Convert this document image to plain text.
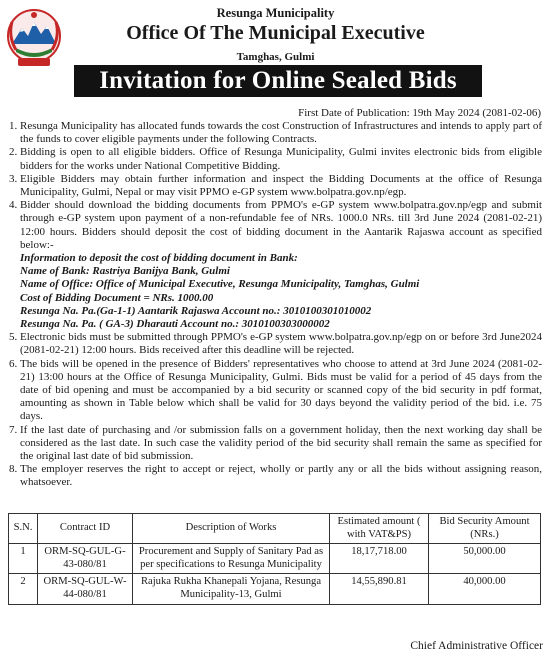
Resunga Municipality
Office Of The Municipal Executive
Tamghas, Gulmi
Invitation for Online Sealed Bids
First Date of Publication: 19th May 2024 (2081-02-06)
1. Resunga Municipality has allocated funds towards the cost Construction of Infrastructures and intends to apply part of the funds to cover eligible payments under the following Contracts.
2. Bidding is open to all eligible bidders. Office of Resunga Municipality, Gulmi invites electronic bids from eligible bidders for the works under National Competitive Bidding.
3. Eligible Bidders may obtain further information and inspect the Bidding Documents at the office of Resunga Municipality, Gulmi, Nepal or may visit PPMO e-GP system www.bolpatra.gov.np/egp.
4. Bidder should download the bidding documents from PPMO's e-GP system www.bolpatra.gov.np/egp and submit through e-GP system upon payment of a non-refundable fee of NRs. 1000.0 NRs. till 3rd June 2024 (2081-02-21) 12:00 hours. Bidders should deposit the cost of bidding document in the Aantarik Rajaswa account as specified below:-
Information to deposit the cost of bidding document in Bank:
Name of Bank: Rastriya Banijya Bank, Gulmi
Name of Office: Office of Municipal Executive, Resunga Municipality, Tamghas, Gulmi
Cost of Bidding Document = NRs. 1000.00
Resunga Na. Pa.(Ga-1-1) Aantarik Rajaswa Account no.: 3010100301010002
Resunga Na. Pa. ( GA-3) Dharauti Account no.: 3010100303000002
5. Electronic bids must be submitted through PPMO's e-GP system www.bolpatra.gov.np/egp on or before 3rd June2024 (2081-02-21) 12:00 hours. Bids received after this deadline will be rejected.
6. The bids will be opened in the presence of Bidders' representatives who choose to attend at 3rd June 2024 (2081-02-21) 13:00 hours at the Office of Resunga Municipality, Gulmi. Bids must be valid for a period of 45 days from the date of bid opening and must be accompanied by a bid security or scanned copy of the bid security in pdf format, amounting as shown in Table below which shall be valid for 30 days beyond the validity period of the bid. i.e. 75 days.
7. If the last date of purchasing and /or submission falls on a government holiday, then the next working day shall be considered as the last date. In such case the validity period of the bid security shall remain the same as specified for the original last date of bid submission.
8. The employer reserves the right to accept or reject, wholly or partly any or all the bids without assigning reason, whatsoever.
S.N.	Contract ID	Description of Works	Estimated amount ( with VAT&PS)	Bid Security Amount (NRs.)
1	ORM-SQ-GUL-G-43-080/81	Procurement and Supply of Sanitary Pad as per specifications to Resunga Municipality	18,17,718.00	50,000.00
2	ORM-SQ-GUL-W-44-080/81	Rajuka Rukha Khanepali Yojana, Resunga Municipality-13, Gulmi	14,55,890.81	40,000.00
Chief Administrative Officer
